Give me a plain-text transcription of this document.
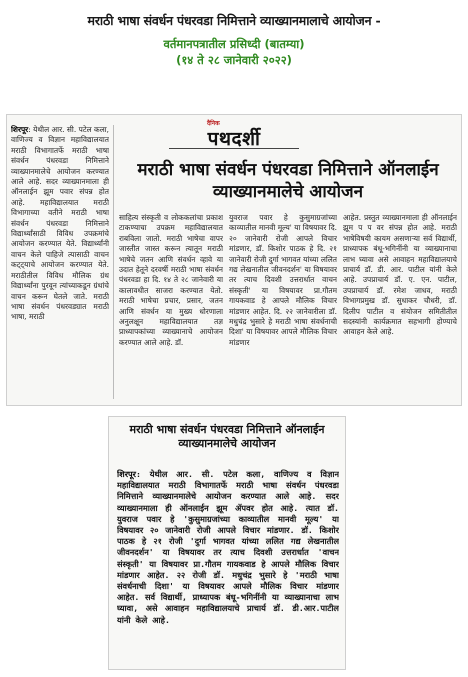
मराठी भाषा संवर्धन पंधरवडा निमित्ताने व्याख्यानमालाचे आयोजन -
वर्तमानपत्रातील प्रसिध्दी (बातम्या)
(१४ ते २८ जानेवारी २०२२)
दैनिक
पथदर्शी
मराठी भाषा संवर्धन पंधरवडा निमित्ताने ऑनलाईन व्याख्यानमालेचे आयोजन
शिरपूर: येथील आर. सी. पटेल कला, वाणिज्य व विज्ञान महाविद्यालयात मराठी विभागातर्फे मराठी भाषा संवर्धन पंधरवडा निमित्ताने व्याख्यानमालेचे आयोजन करण्यात आले आहे. सदर व्याख्यानमाला ही ऑनलाईन झूम पवार संपन्न होत आहे. महाविद्यालयात मराठी विभागाच्या वतीने मराठी भाषा संवर्धन पंधरवडा निमित्ताने विद्यार्थ्यांसाठी विविध उपक्रमांचे आयोजन करण्यात येते. विद्यार्थ्यांनी वाचन केले पाहिजे त्यासाठी वाचन कट्ट्याचे आयोजन करण्यात येते. मराठीतील विविध मौलिक ग्रंथ विद्यार्थ्यांना पुरवून त्यांच्याकडून ग्रंथांचे वाचन करून घेतले जाते. मराठी भाषा संवर्धन पंधरवड्यात मराठी भाषा, मराठी
साहित्य संस्कृती व लोककलांचा प्रकाश टाकण्याचा उपक्रम महाविद्यालयात राबविला जातो. मराठी भाषेचा वापर जास्तीत जास्त करून त्यातून मराठी भाषेचे जतन आणि संवर्धन व्हावे या उदात हेतूने दरवर्षी मराठी भाषा संवर्धन पंधरवडा हा दि. १४ ते २८ जानेवारी या कालावधीत साजरा करण्यात येतो. मराठी भाषेचा प्रचार, प्रसार, जतन आणि संवर्धन या मुख्य धोरणाला अनुलक्षून महाविद्यालयात तज्ञ प्राध्यापकांच्या व्याख्यानाचे आयोजन करण्यात आले आहे. डॉ.
युवराज पवार हे कुसुमाग्रजांच्या काव्यातील मानवी मूल्य' या विषयावर दि. २० जानेवारी रोजी आपले विचार मांडणार, डॉ. किशोर पाठक हे दि. २१ जानेवारी रोजी दुर्गा भागवत यांच्या ललित गद्य लेखनातील जीवनदर्शन' या विषयावर तर त्याच दिवशी उत्तरार्धात वाचन संस्कृती' या विषयावर प्रा.गौतम गायकवाड हे आपले मौलिक विचार मांडणार आहेत. दि. २२ जानेवारीला डॉ. मधुचंद्र भुसारे हे मराठी भाषा संवर्धनाची दिशा' या विषयावर आपले मौलिक विचार मांडणार
आहेत. प्रस्तुत व्याख्यानमाला ही ऑनलाईन झूम प प वर संपन्न होत आहे. मराठी भाषेविषयी कायम असणाऱ्या सर्व विद्यार्थी, प्राध्यापक बंधू-भगिनींनी या व्याख्यानाचा लाभ घ्यावा असे आवाहन महाविद्यालयाचे प्राचार्य डॉ. डी. आर. पाटील यांनी केले आहे. उपप्राचार्य डॉ. ए. एन. पाटील, उपप्राचार्य डॉ. रमेश जाधव, मराठी विभागप्रमुख डॉ. सुधाकर चौधरी, डॉ. दिलीप पाटील व संयोजन समितीतील सदस्यांनी कार्यक्रमात सहभागी होण्याचे आवाहन केले आहे.
मराठी भाषा संवर्धन पंधरवडा निमित्ताने ऑनलाईन व्याख्यानमालेचे आयोजन
शिरपूर: येथील आर. सी. पटेल कला, वाणिज्य व विज्ञान महाविद्यालयात मराठी विभागातर्फे मराठी भाषा संवर्धन पंधरवडा निमित्ताने व्याख्यानमालेचे आयोजन करण्यात आले आहे. सदर व्याख्यानमाला ही ऑनलाईन झूम ॲपवर होत आहे. त्यात डॉ. युवराज पवार हे 'कुसुमाग्रजांच्या काव्यातील मानवी मूल्य' या विषयावर २० जानेवारी रोजी आपले विचार मांडणार. डॉ. किशोर पाठक हे २१ रोजी 'दुर्गा भागवत यांच्या ललित गद्य लेखनातील जीवनदर्शन' या विषयावर तर त्याच दिवशी उत्तरार्धात 'वाचन संस्कृती' या विषयावर प्रा.गौतम गायकवाड हे आपले मौलिक विचार मांडणार आहेत. २२ रोजी डॉ. मधुचंद्र भुसारे हे 'मराठी भाषा संवर्धनाची दिशा' या विषयावर आपले मौलिक विचार मांडणार आहेत. सर्व विद्यार्थी, प्राध्यापक बंधू-भगिनींनी या व्याख्यानाचा लाभ घ्यावा, असे आवाहन महाविद्यालयाचे प्राचार्य डॉ. डी.आर.पाटील यांनी केले आहे.
